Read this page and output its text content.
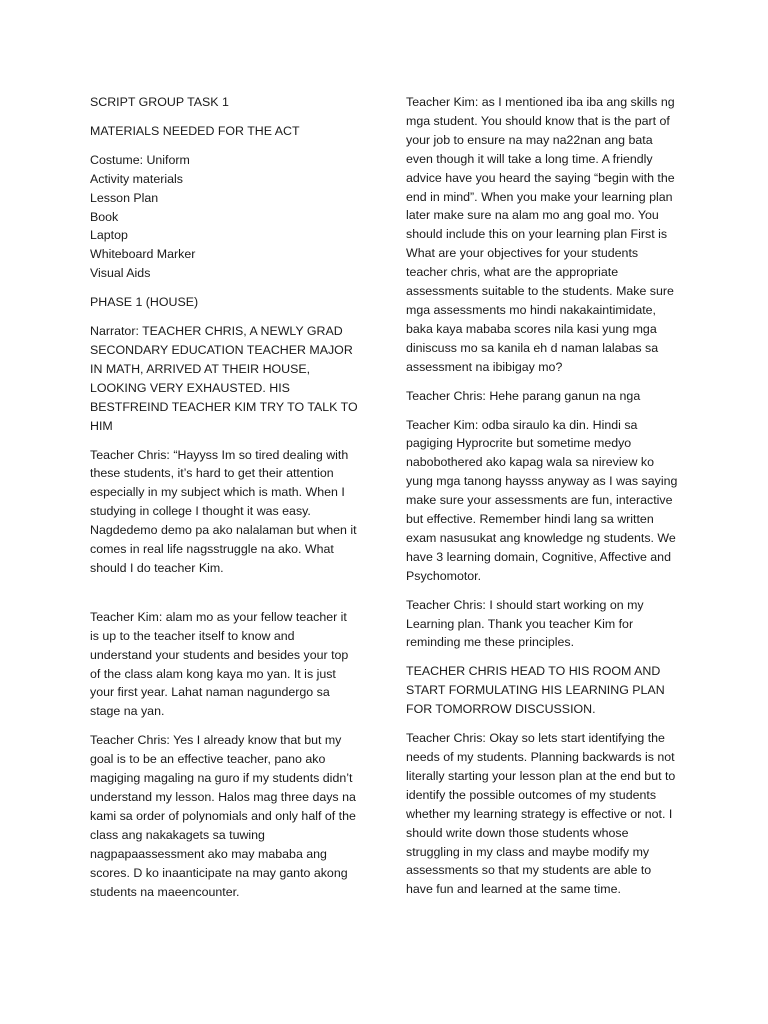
SCRIPT GROUP TASK 1

MATERIALS NEEDED FOR THE ACT

Costume: Uniform
Activity materials
Lesson Plan
Book
Laptop
Whiteboard Marker
Visual Aids

PHASE 1 (HOUSE)

Narrator: TEACHER CHRIS, A NEWLY GRAD SECONDARY EDUCATION TEACHER MAJOR IN MATH, ARRIVED AT THEIR HOUSE, LOOKING VERY EXHAUSTED. HIS BESTFREIND TEACHER KIM TRY TO TALK TO HIM

Teacher Chris: “Hayyss Im so tired dealing with these students, it’s hard to get their attention especially in my subject which is math. When I studying in college I thought it was easy. Nagdedemo demo pa ako nalalaman but when it comes in real life nagsstruggle na ako. What should I do teacher Kim.

Teacher Kim: alam mo as your fellow teacher it is up to the teacher itself to know and understand your students and besides your top of the class alam kong kaya mo yan. It is just your first year. Lahat naman nagundergo sa stage na yan.

Teacher Chris: Yes I already know that but my goal is to be an effective teacher, pano ako magiging magaling na guro if my students didn’t understand my lesson. Halos mag three days na kami sa order of polynomials and only half of the class ang nakakagets sa tuwing nagpapaassessment ako may mababa ang scores. D ko inaanticipate na may ganto akong students na maeencounter.

Teacher Kim: as I mentioned iba iba ang skills ng mga student. You should know that is the part of your job to ensure na may na22nan ang bata even though it will take a long time. A friendly advice have you heard the saying “begin with the end in mind”. When you make your learning plan later make sure na alam mo ang goal mo. You should include this on your learning plan First is What are your objectives for your students teacher chris, what are the appropriate assessments suitable to the students. Make sure mga assessments mo hindi nakakaintimidate, baka kaya mababa scores nila kasi yung mga diniscuss mo sa kanila eh d naman lalabas sa assessment na ibibigay mo?

Teacher Chris: Hehe parang ganun na nga

Teacher Kim: odba siraulo ka din. Hindi sa pagiging Hyprocrite but sometime medyo nabobothered ako kapag wala sa nireview ko yung mga tanong haysss anyway as I was saying make sure your assessments are fun, interactive but effective. Remember hindi lang sa written exam nasusukat ang knowledge ng students. We have 3 learning domain, Cognitive, Affective and Psychomotor.

Teacher Chris: I should start working on my Learning plan. Thank you teacher Kim for reminding me these principles.

TEACHER CHRIS HEAD TO HIS ROOM AND START FORMULATING HIS LEARNING PLAN FOR TOMORROW DISCUSSION.

Teacher Chris: Okay so lets start identifying the needs of my students. Planning backwards is not literally starting your lesson plan at the end but to identify the possible outcomes of my students whether my learning strategy is effective or not. I should write down those students whose struggling in my class and maybe modify my assessments so that my students are able to have fun and learned at the same time.
